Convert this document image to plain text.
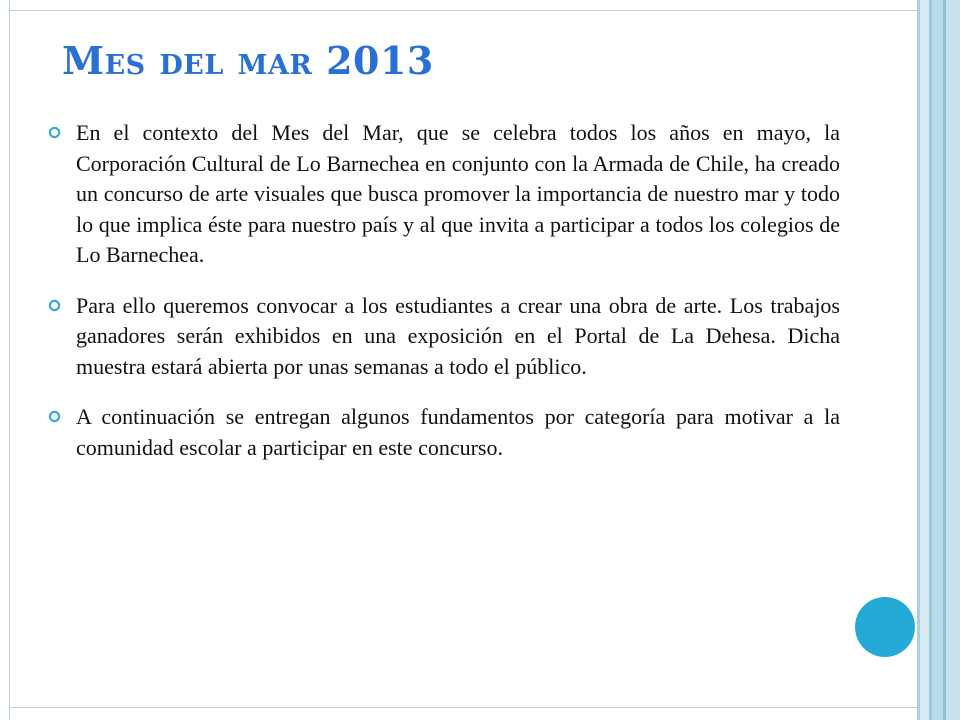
Mes del mar 2013
En el contexto del Mes del Mar, que se celebra todos los años en mayo, la Corporación Cultural de Lo Barnechea en conjunto con la Armada de Chile, ha creado un concurso de arte visuales que busca promover la importancia de nuestro mar y todo lo que implica éste para nuestro país y al que invita a participar a todos los colegios de Lo Barnechea.
Para ello queremos convocar a los estudiantes a crear una obra de arte. Los trabajos ganadores serán exhibidos en una exposición en el Portal de La Dehesa. Dicha muestra estará abierta por unas semanas a todo el público.
A continuación se entregan algunos fundamentos por categoría para motivar a la comunidad escolar a participar en este concurso.
